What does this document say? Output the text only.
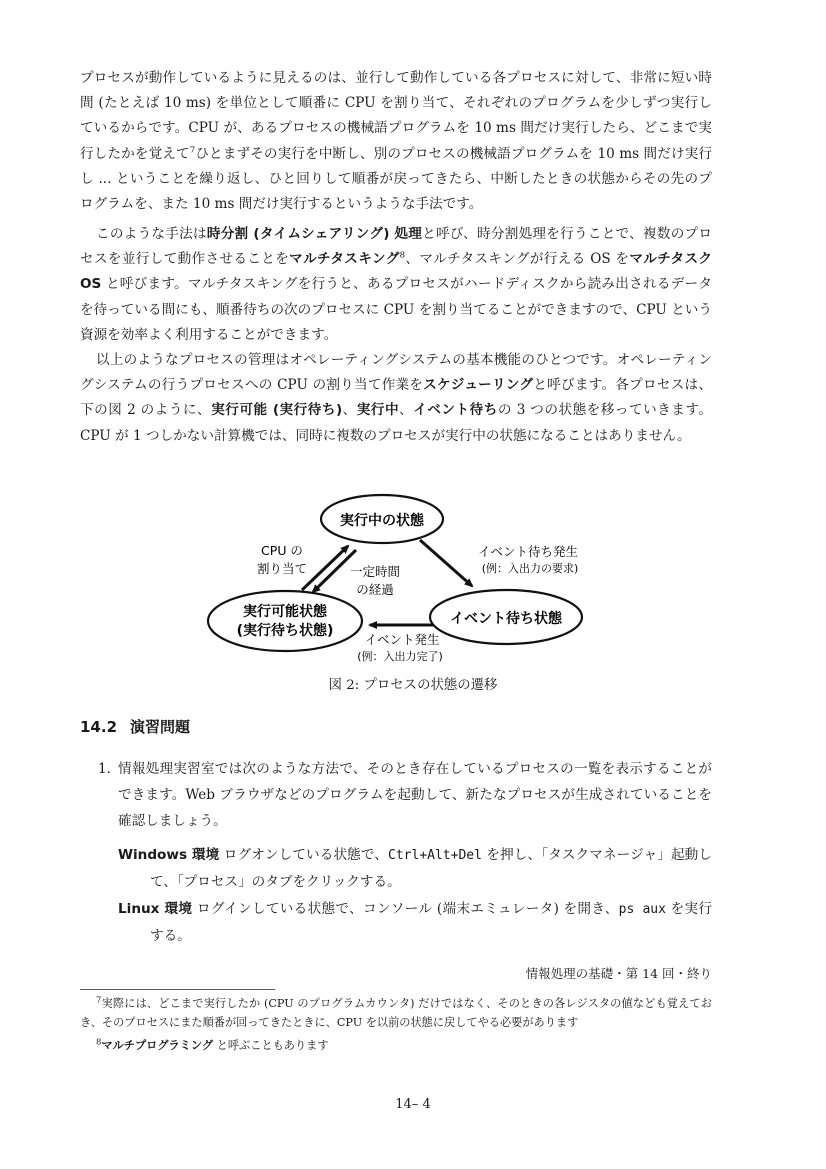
プロセスが動作しているように見えるのは、並行して動作している各プロセスに対して、非常に短い時間 (たとえば 10 ms) を単位として順番に CPU を割り当て、それぞれのプログラムを少しずつ実行しているからです。CPU が、あるプロセスの機械語プログラムを 10 ms 間だけ実行したら、どこまで実行したかを覚えて$^7$ひとまずその実行を中断し、別のプロセスの機械語プログラムを 10 ms 間だけ実行し ... ということを繰り返し、ひと回りして順番が戻ってきたら、中断したときの状態からその先のプログラムを、また 10 ms 間だけ実行するというような手法です。

このような手法は時分割 (タイムシェアリング) 処理と呼び、時分割処理を行うことで、複数のプロセスを並行して動作させることをマルチタスキング$^8$、マルチタスキングが行える OS をマルチタスク OS と呼びます。マルチタスキングを行うと、あるプロセスがハードディスクから読み出されるデータを待っている間にも、順番待ちの次のプロセスに CPU を割り当てることができますので、CPU という資源を効率よく利用することができます。

以上のようなプロセスの管理はオペレーティングシステムの基本機能のひとつです。オペレーティングシステムの行うプロセスへの CPU の割り当て作業をスケジューリングと呼びます。各プロセスは、下の図 2 のように、実行可能 (実行待ち)、実行中、イベント待ちの 3 つの状態を移っていきます。CPU が 1 つしかない計算機では、同時に複数のプロセスが実行中の状態になることはありません。

実行中の状態
実行可能状態
(実行待ち状態)
イベント待ち状態
CPU の
割り当て	一定時間
の経過
イベント待ち発生
(例：入出力の要求)
イベント発生
(例：入出力完了)
図 2: プロセスの状態の遷移
14.2 演習問題
1. 情報処理実習室では次のような方法で、そのとき存在しているプロセスの一覧を表示することができます。Web ブラウザなどのプログラムを起動して、新たなプロセスが生成されていることを確認しましょう。
Windows 環境 ログオンしている状態で、Ctrl+Alt+Del を押し、「タスクマネージャ」起動して、「プロセス」のタブをクリックする。
Linux 環境 ログインしている状態で、コンソール (端末エミュレータ) を開き、ps aux を実行する。
情報処理の基礎・第 14 回・終り
$^7$実際には、どこまで実行したか (CPU のプログラムカウンタ) だけではなく、そのときの各レジスタの値なども覚えておき、そのプロセスにまた順番が回ってきたときに、CPU を以前の状態に戻してやる必要があります
$^8$マルチプログラミング と呼ぶこともあります
14– 4
